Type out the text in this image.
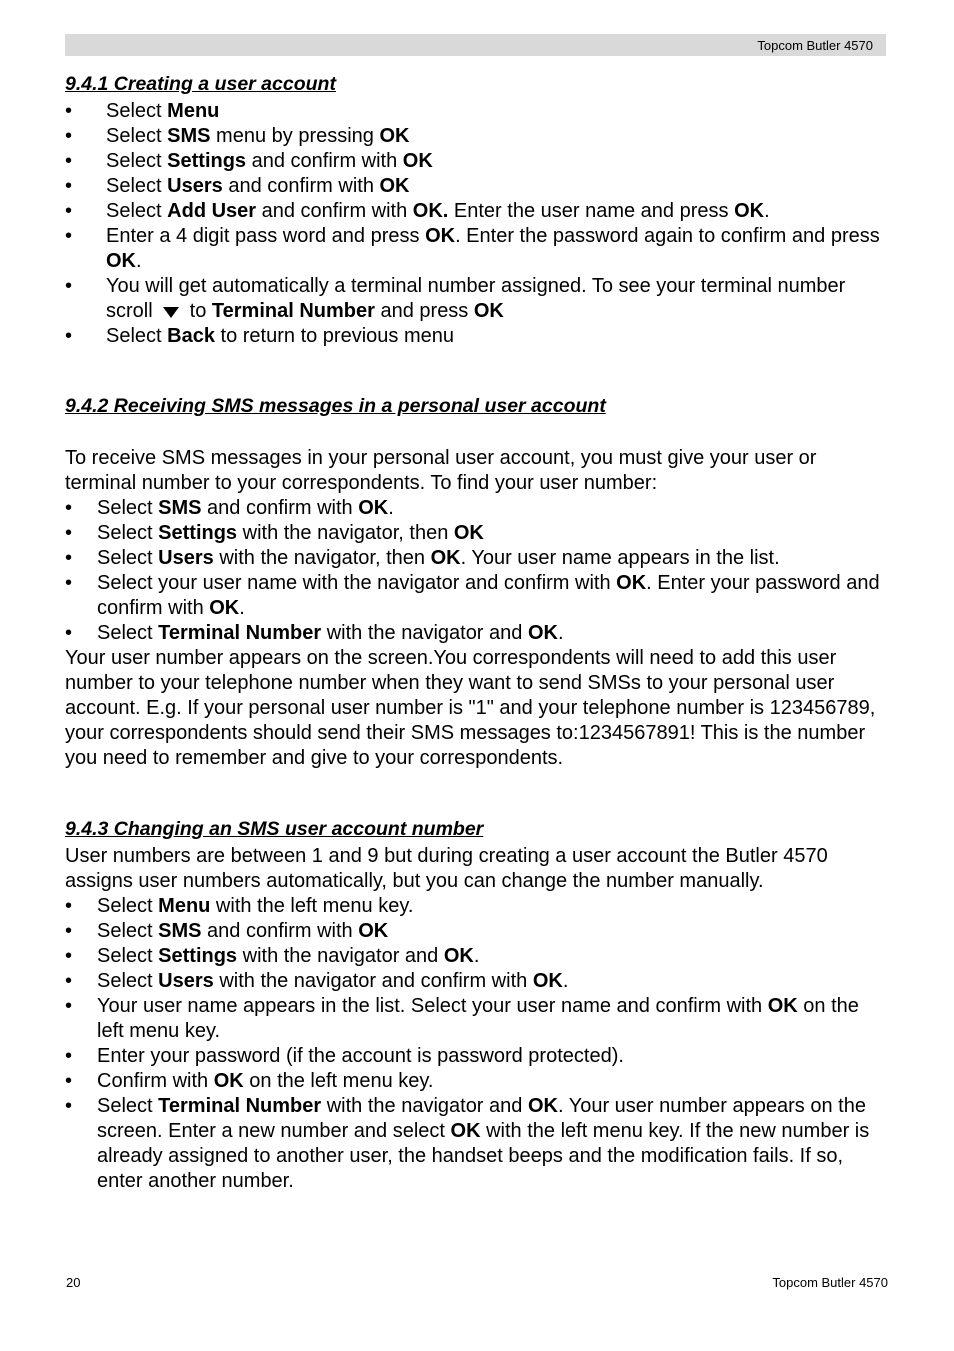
Topcom Butler 4570
9.4.1 Creating a user account
• Select Menu
• Select SMS menu by pressing OK
• Select Settings and confirm with OK
• Select Users and confirm with OK
• Select Add User and confirm with OK. Enter the user name and press OK.
• Enter a 4 digit pass word and press OK. Enter the password again to confirm and press OK.
• You will get automatically a terminal number assigned. To see your terminal number scroll to Terminal Number and press OK
• Select Back to return to previous menu
9.4.2 Receiving SMS messages in a personal user account

To receive SMS messages in your personal user account, you must give your user or terminal number to your correspondents. To find your user number:

• Select SMS and confirm with OK.
• Select Settings with the navigator, then OK
• Select Users with the navigator, then OK. Your user name appears in the list.
• Select your user name with the navigator and confirm with OK. Enter your password and confirm with OK.
• Select Terminal Number with the navigator and OK.

Your user number appears on the screen.You correspondents will need to add this user number to your telephone number when they want to send SMSs to your personal user account. E.g. If your personal user number is "1" and your telephone number is 123456789, your correspondents should send their SMS messages to:1234567891! This is the number you need to remember and give to your correspondents.

9.4.3 Changing an SMS user account number

User numbers are between 1 and 9 but during creating a user account the Butler 4570 assigns user numbers automatically, but you can change the number manually.

• Select Menu with the left menu key.
• Select SMS and confirm with OK
• Select Settings with the navigator and OK.
• Select Users with the navigator and confirm with OK.
• Your user name appears in the list. Select your user name and confirm with OK on the left menu key.
• Enter your password (if the account is password protected).
• Confirm with OK on the left menu key.
• Select Terminal Number with the navigator and OK. Your user number appears on the screen. Enter a new number and select OK with the left menu key. If the new number is already assigned to another user, the handset beeps and the modification fails. If so, enter another number.
20	Topcom Butler 4570
